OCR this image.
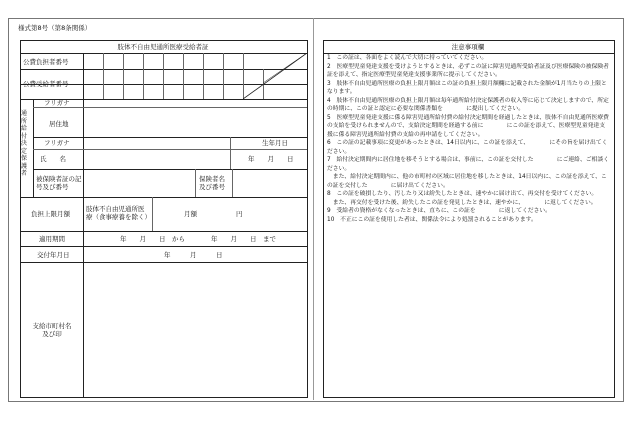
様式第8号（第8条関係）
肢体不自由児通所医療受給者証
公費負担者番号
公費受給者番号
通所給付決定保護者
フリガナ
居住地
フリガナ	生年月日
氏　　名	年　　月　　日
被保険者証の記号及び番号
保険者名及び番号
負担上限月額
肢体不自由児通所医療（食事療養を除く）	月額　　　　　　円
適用期間	年　　月　　日　から　　　　年　　月　　日　まで
交付年月日	年　　　月　　　日
支給市町村名及び印
注意事項欄

1　この証は、各面をよく読んで大切に持っていてください。

2　医療型児童発達支援を受けようとするときは、必ずこの証に障害児通所受給者証及び医療保険の被保険者証を添えて、指定医療型児童発達支援事業所に提示してください。

3　肢体不自由児通所医療の負担上限月額はこの証の負担上限月額欄に記載された金額が1月当たりの上限となります。

4　肢体不自由児通所医療の負担上限月額は毎年通所給付決定保護者の収入等に応じて決定しますので、所定の時期に、この証と認定に必要な関係書類を　　　　に提出してください。

5　医療型児童発達支援に係る障害児通所給付費の給付決定期間を経過したときは、肢体不自由児通所医療費の支給を受けられませんので、支給決定期間を経過する前に　　　　にこの証を添えて、医療型児童発達支援に係る障害児通所給付費の支給の再申請をしてください。

6　この証の記載事項に変更があったときは、14日以内に、この証を添えて、　　　　にその旨を届け出てください。

7　給付決定期間内に居住地を移そうとする場合は、事前に、この証を交付した　　　　にご連絡、ご相談ください。

　また、給付決定期間内に、他の市町村の区域に居住地を移したときは、14日以内に、この証を添えて、この証を交付した　　　　に届け出てください。

8　この証を破損したり、汚したり又は紛失したときは、速やかに届け出て、再交付を受けてください。

　また、再交付を受けた後、紛失したこの証を発見したときは、速やかに、　　　　に返してください。

9　受給者の資格がなくなったときは、直ちに、この証を　　　　に返してください。

10　不正にこの証を使用した者は、関係法令により処罰されることがあります。
